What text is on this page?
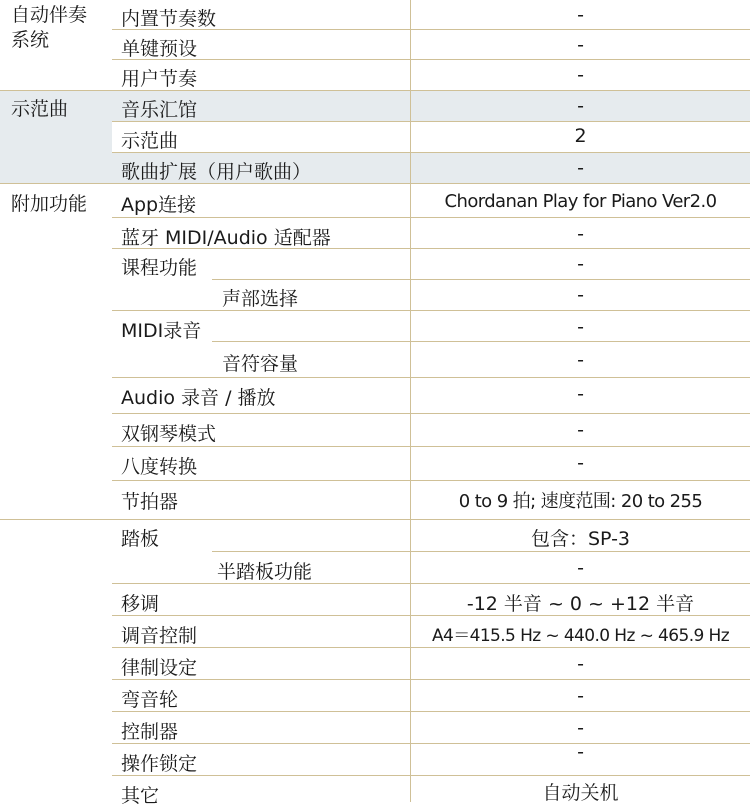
自动伴奏
系统
示范曲
附加功能
内置节奏数
单键预设
用户节奏
音乐汇馆
示范曲
歌曲扩展（用户歌曲）
App连接
蓝牙 MIDI/Audio 适配器
课程功能
声部选择
MIDI录音
音符容量
Audio 录音 / 播放
双钢琴模式
八度转换
节拍器
踏板
半踏板功能
移调
调音控制
律制设定
弯音轮
控制器
操作锁定
其它
-
-
-
-
2
-
Chordanan Play for Piano Ver2.0
-
-
-
-
-
-
-
-
0 to 9 拍; 速度范围: 20 to 255
包含：SP-3
-
-12 半音 ~ 0 ~ +12 半音
A4＝415.5 Hz ~ 440.0 Hz ~ 465.9 Hz
-
-
-
-
自动关机
